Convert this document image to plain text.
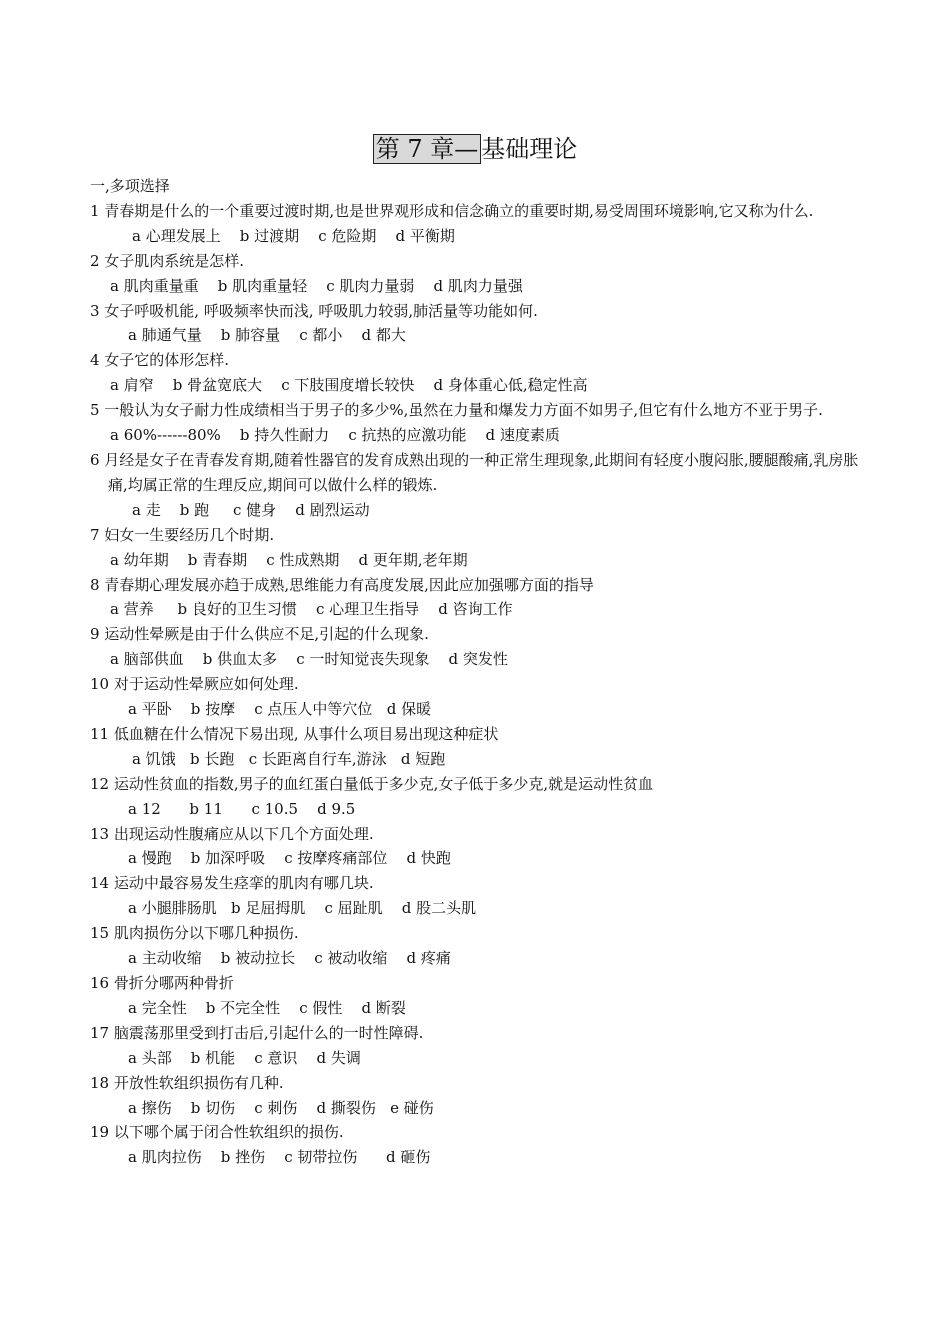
第 7 章— 基础理论

一,多项选择

1 青春期是什么的一个重要过渡时期,也是世界观形成和信念确立的重要时期,易受周围环境影响,它又称为什么.

a 心理发展上    b 过渡期    c 危险期    d 平衡期

2 女子肌肉系统是怎样.

a 肌肉重量重    b 肌肉重量轻    c 肌肉力量弱    d 肌肉力量强

3 女子呼吸机能, 呼吸频率快而浅, 呼吸肌力较弱,肺活量等功能如何.

a 肺通气量    b 肺容量    c 都小    d 都大

4 女子它的体形怎样.

a 肩窄    b 骨盆宽底大    c 下肢围度增长较快    d 身体重心低,稳定性高

5 一般认为女子耐力性成绩相当于男子的多少%,虽然在力量和爆发力方面不如男子,但它有什么地方不亚于男子.

a 60%------80%    b 持久性耐力    c 抗热的应激功能    d 速度素质

6 月经是女子在青春发育期,随着性器官的发育成熟出现的一种正常生理现象,此期间有轻度小腹闷胀,腰腿酸痛,乳房胀痛,均属正常的生理反应,期间可以做什么样的锻炼.

a 走    b 跑     c 健身    d 剧烈运动

7 妇女一生要经历几个时期.

a 幼年期    b 青春期    c 性成熟期    d 更年期,老年期

8 青春期心理发展亦趋于成熟,思维能力有高度发展,因此应加强哪方面的指导

a 营养     b 良好的卫生习惯    c 心理卫生指导    d 咨询工作

9 运动性晕厥是由于什么供应不足,引起的什么现象.

a 脑部供血    b 供血太多    c 一时知觉丧失现象    d 突发性

10 对于运动性晕厥应如何处理.

a 平卧    b 按摩    c 点压人中等穴位   d 保暖

11 低血糖在什么情况下易出现, 从事什么项目易出现这种症状

a 饥饿   b 长跑   c 长距离自行车,游泳   d 短跑

12 运动性贫血的指数,男子的血红蛋白量低于多少克,女子低于多少克,就是运动性贫血

a 12      b 11      c 10.5    d 9.5

13 出现运动性腹痛应从以下几个方面处理.

a 慢跑    b 加深呼吸    c 按摩疼痛部位    d 快跑

14 运动中最容易发生痉挛的肌肉有哪几块.

a 小腿腓肠肌   b 足屈拇肌    c 屈趾肌    d 股二头肌

15 肌肉损伤分以下哪几种损伤.

a 主动收缩    b 被动拉长    c 被动收缩    d 疼痛

16 骨折分哪两种骨折

a 完全性    b 不完全性    c 假性    d 断裂

17 脑震荡那里受到打击后,引起什么的一时性障碍.

a 头部    b 机能    c 意识    d 失调

18 开放性软组织损伤有几种.

a 擦伤    b 切伤    c 刺伤    d 撕裂伤   e 碰伤

19 以下哪个属于闭合性软组织的损伤.

a 肌肉拉伤    b 挫伤    c 韧带拉伤      d 砸伤
